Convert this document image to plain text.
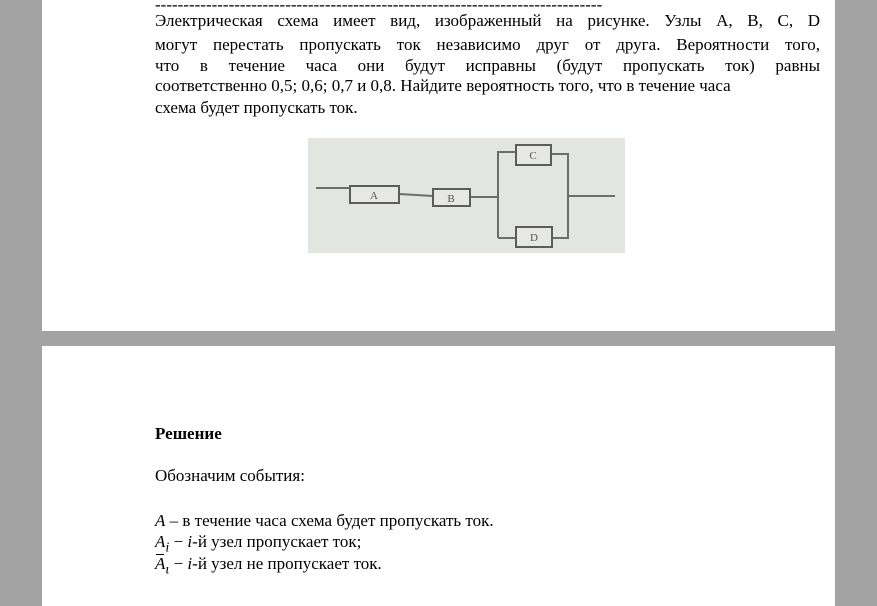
-------------------------------------------------------------------------------
Электрическая схема имеет вид, изображенный на рисунке. Узлы A, B, C, D
могут перестать пропускать ток независимо друг от друга. Вероятности того,
что в течение часа они будут исправны (будут пропускать ток) равны
соответственно 0,5; 0,6; 0,7 и 0,8. Найдите вероятность того, что в течение часа
схема будет пропускать ток.
A	B
C
D
Решение
Обозначим события:
A – в течение часа схема будет пропускать ток.
$A_i - i-й$ узел пропускает ток;
$A_\iota - i-й$ узел не пропускает ток.
